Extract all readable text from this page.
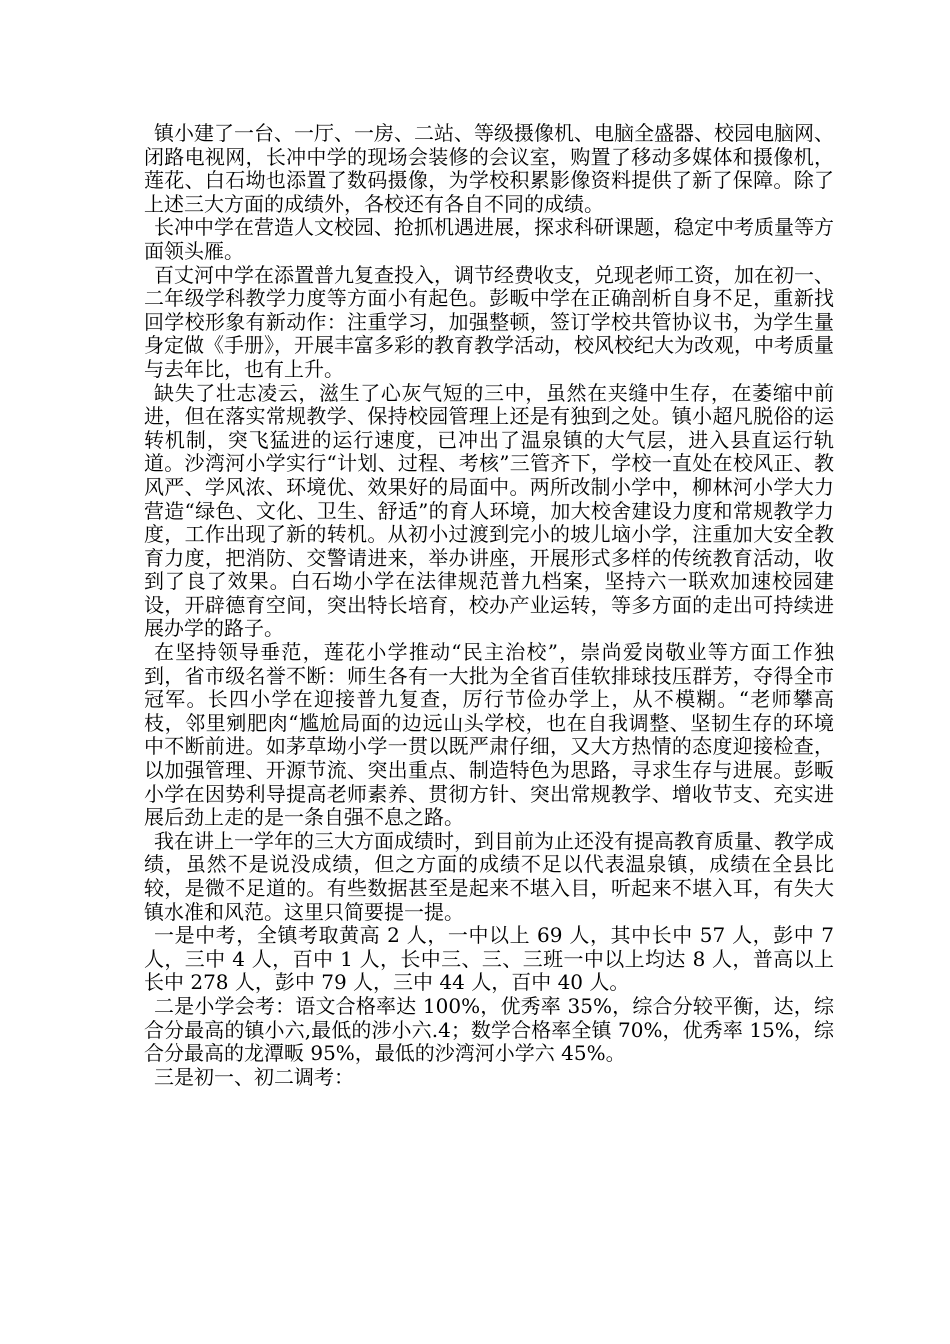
镇小建了一台、一厅、一房、二站、等级摄像机、电脑全盛器、校园电脑网、闭路电视网，长冲中学的现场会装修的会议室，购置了移动多媒体和摄像机，莲花、白石坳也添置了数码摄像，为学校积累影像资料提供了新了保障。除了上述三大方面的成绩外，各校还有各自不同的成绩。

长冲中学在营造人文校园、抢抓机遇进展，探求科研课题，稳定中考质量等方面领头雁。

百丈河中学在添置普九复查投入，调节经费收支，兑现老师工资，加在初一、二年级学科教学力度等方面小有起色。彭畈中学在正确剖析自身不足，重新找回学校形象有新动作：注重学习，加强整顿，签订学校共管协议书，为学生量身定做《手册》，开展丰富多彩的教育教学活动，校风校纪大为改观，中考质量与去年比，也有上升。

缺失了壮志凌云，滋生了心灰气短的三中，虽然在夹缝中生存，在萎缩中前进，但在落实常规教学、保持校园管理上还是有独到之处。镇小超凡脱俗的运转机制，突飞猛进的运行速度，已冲出了温泉镇的大气层，进入县直运行轨道。沙湾河小学实行“计划、过程、考核”三管齐下，学校一直处在校风正、教风严、学风浓、环境优、效果好的局面中。两所改制小学中，柳林河小学大力营造“绿色、文化、卫生、舒适”的育人环境，加大校舍建设力度和常规教学力度，工作出现了新的转机。从初小过渡到完小的坡儿垴小学，注重加大安全教育力度，把消防、交警请进来，举办讲座，开展形式多样的传统教育活动，收到了良了效果。白石坳小学在法律规范普九档案，坚持六一联欢加速校园建设，开辟德育空间，突出特长培育，校办产业运转，等多方面的走出可持续进展办学的路子。

在坚持领导垂范，莲花小学推动“民主治校”，崇尚爱岗敬业等方面工作独到，省市级名誉不断：师生各有一大批为全省百佳软排球技压群芳，夺得全市冠军。长四小学在迎接普九复查，厉行节俭办学上，从不模糊。“老师攀高枝，邻里剜肥肉“尴尬局面的边远山头学校，也在自我调整、坚韧生存的环境中不断前进。如茅草坳小学一贯以既严肃仔细，又大方热情的态度迎接检查，以加强管理、开源节流、突出重点、制造特色为思路，寻求生存与进展。彭畈小学在因势利导提高老师素养、贯彻方针、突出常规教学、增收节支、充实进展后劲上走的是一条自强不息之路。

我在讲上一学年的三大方面成绩时，到目前为止还没有提高教育质量、教学成绩，虽然不是说没成绩，但之方面的成绩不足以代表温泉镇，成绩在全县比较，是微不足道的。有些数据甚至是起来不堪入目，听起来不堪入耳，有失大镇水准和风范。这里只简要提一提。

一是中考，全镇考取黄高 2 人，一中以上 69 人，其中长中 57 人，彭中 7 人，三中 4 人，百中 1 人，长中三、三、三班一中以上均达 8 人，普高以上长中 278 人，彭中 79 人，三中 44 人，百中 40 人。

二是小学会考：语文合格率达 100%，优秀率 35%，综合分较平衡，达，综合分最高的镇小六,最低的涉小六.4；数学合格率全镇 70%，优秀率 15%，综合分最高的龙潭畈 95%，最低的沙湾河小学六 45%。

三是初一、初二调考：
